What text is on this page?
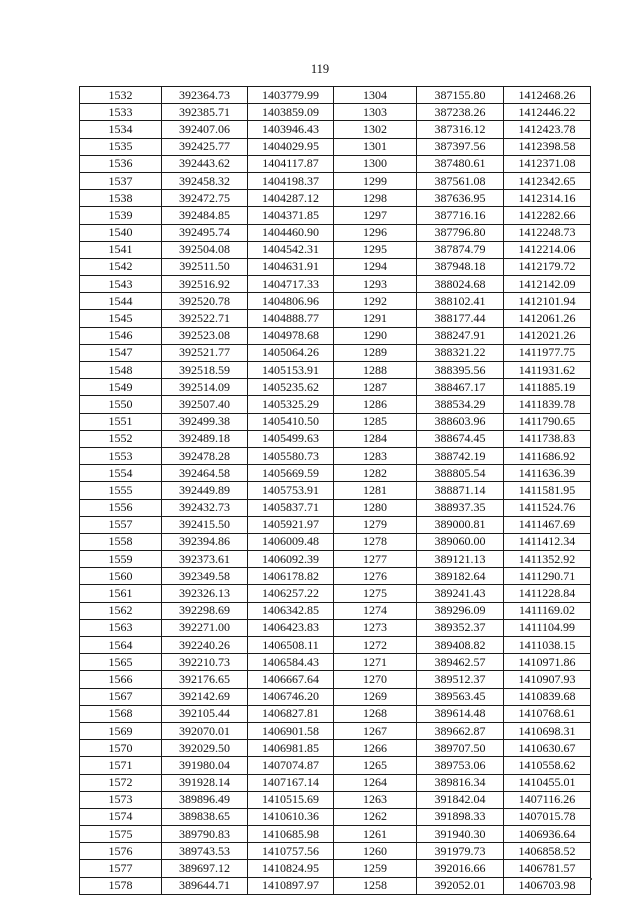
119
1532	392364.73	1403779.99	1304	387155.80	1412468.26
1533	392385.71	1403859.09	1303	387238.26	1412446.22
1534	392407.06	1403946.43	1302	387316.12	1412423.78
1535	392425.77	1404029.95	1301	387397.56	1412398.58
1536	392443.62	1404117.87	1300	387480.61	1412371.08
1537	392458.32	1404198.37	1299	387561.08	1412342.65
1538	392472.75	1404287.12	1298	387636.95	1412314.16
1539	392484.85	1404371.85	1297	387716.16	1412282.66
1540	392495.74	1404460.90	1296	387796.80	1412248.73
1541	392504.08	1404542.31	1295	387874.79	1412214.06
1542	392511.50	1404631.91	1294	387948.18	1412179.72
1543	392516.92	1404717.33	1293	388024.68	1412142.09
1544	392520.78	1404806.96	1292	388102.41	1412101.94
1545	392522.71	1404888.77	1291	388177.44	1412061.26
1546	392523.08	1404978.68	1290	388247.91	1412021.26
1547	392521.77	1405064.26	1289	388321.22	1411977.75
1548	392518.59	1405153.91	1288	388395.56	1411931.62
1549	392514.09	1405235.62	1287	388467.17	1411885.19
1550	392507.40	1405325.29	1286	388534.29	1411839.78
1551	392499.38	1405410.50	1285	388603.96	1411790.65
1552	392489.18	1405499.63	1284	388674.45	1411738.83
1553	392478.28	1405580.73	1283	388742.19	1411686.92
1554	392464.58	1405669.59	1282	388805.54	1411636.39
1555	392449.89	1405753.91	1281	388871.14	1411581.95
1556	392432.73	1405837.71	1280	388937.35	1411524.76
1557	392415.50	1405921.97	1279	389000.81	1411467.69
1558	392394.86	1406009.48	1278	389060.00	1411412.34
1559	392373.61	1406092.39	1277	389121.13	1411352.92
1560	392349.58	1406178.82	1276	389182.64	1411290.71
1561	392326.13	1406257.22	1275	389241.43	1411228.84
1562	392298.69	1406342.85	1274	389296.09	1411169.02
1563	392271.00	1406423.83	1273	389352.37	1411104.99
1564	392240.26	1406508.11	1272	389408.82	1411038.15
1565	392210.73	1406584.43	1271	389462.57	1410971.86
1566	392176.65	1406667.64	1270	389512.37	1410907.93
1567	392142.69	1406746.20	1269	389563.45	1410839.68
1568	392105.44	1406827.81	1268	389614.48	1410768.61
1569	392070.01	1406901.58	1267	389662.87	1410698.31
1570	392029.50	1406981.85	1266	389707.50	1410630.67
1571	391980.04	1407074.87	1265	389753.06	1410558.62
1572	391928.14	1407167.14	1264	389816.34	1410455.01
1573	389896.49	1410515.69	1263	391842.04	1407116.26
1574	389838.65	1410610.36	1262	391898.33	1407015.78
1575	389790.83	1410685.98	1261	391940.30	1406936.64
1576	389743.53	1410757.56	1260	391979.73	1406858.52
1577	389697.12	1410824.95	1259	392016.66	1406781.57
1578	389644.71	1410897.97	1258	392052.01	1406703.98
